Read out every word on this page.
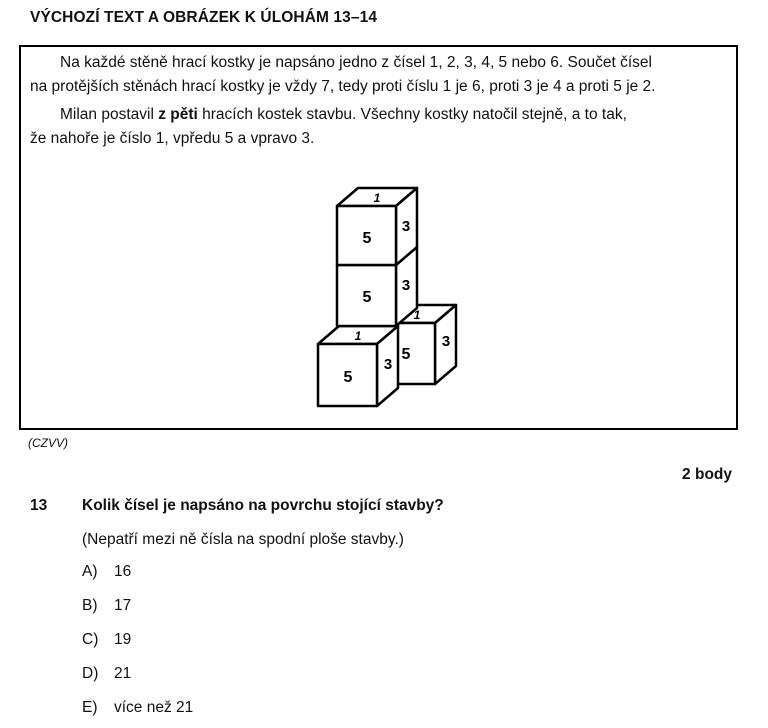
VÝCHOZÍ TEXT A OBRÁZEK K ÚLOHÁM 13–14
Na každé stěně hrací kostky je napsáno jedno z čísel 1, 2, 3, 4, 5 nebo 6. Součet čísel
na protějších stěnách hrací kostky je vždy 7, tedy proti číslu 1 je 6, proti 3 je 4 a proti 5 je 2.
Milan postavil z pěti hracích kostek stavbu. Všechny kostky natočil stejně, a to tak,
že nahoře je číslo 1, vpředu 5 a vpravo 3.
5
5
5
5
3
3
3
3
1
1
1
(CZVV)
2 body
13 Kolik čísel je napsáno na povrchu stojící stavby?
(Nepatří mezi ně čísla na spodní ploše stavby.)
A) 16
B) 17
C) 19
D) 21
E) více než 21
